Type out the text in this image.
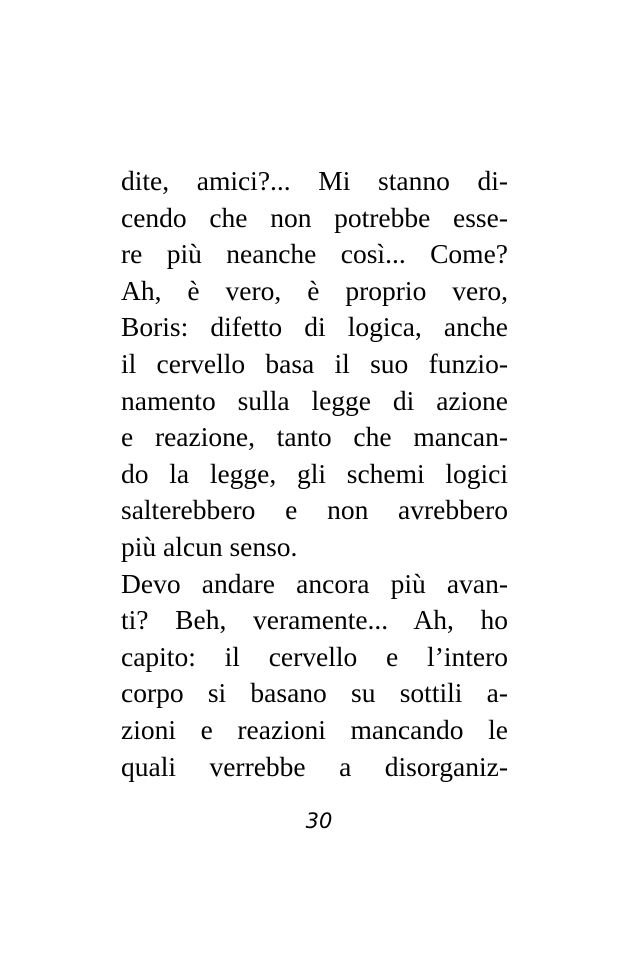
dite, amici?... Mi stanno di-
cendo che non potrebbe esse-
re più neanche così... Come?
Ah, è vero, è proprio vero,
Boris: difetto di logica, anche
il cervello basa il suo funzio-
namento sulla legge di azione
e reazione, tanto che mancan-
do la legge, gli schemi logici
salterebbero e non avrebbero
più alcun senso.
Devo andare ancora più avan-
ti? Beh, veramente... Ah, ho
capito: il cervello e l’intero
corpo si basano su sottili a-
zioni e reazioni mancando le
quali verrebbe a disorganiz-
30
